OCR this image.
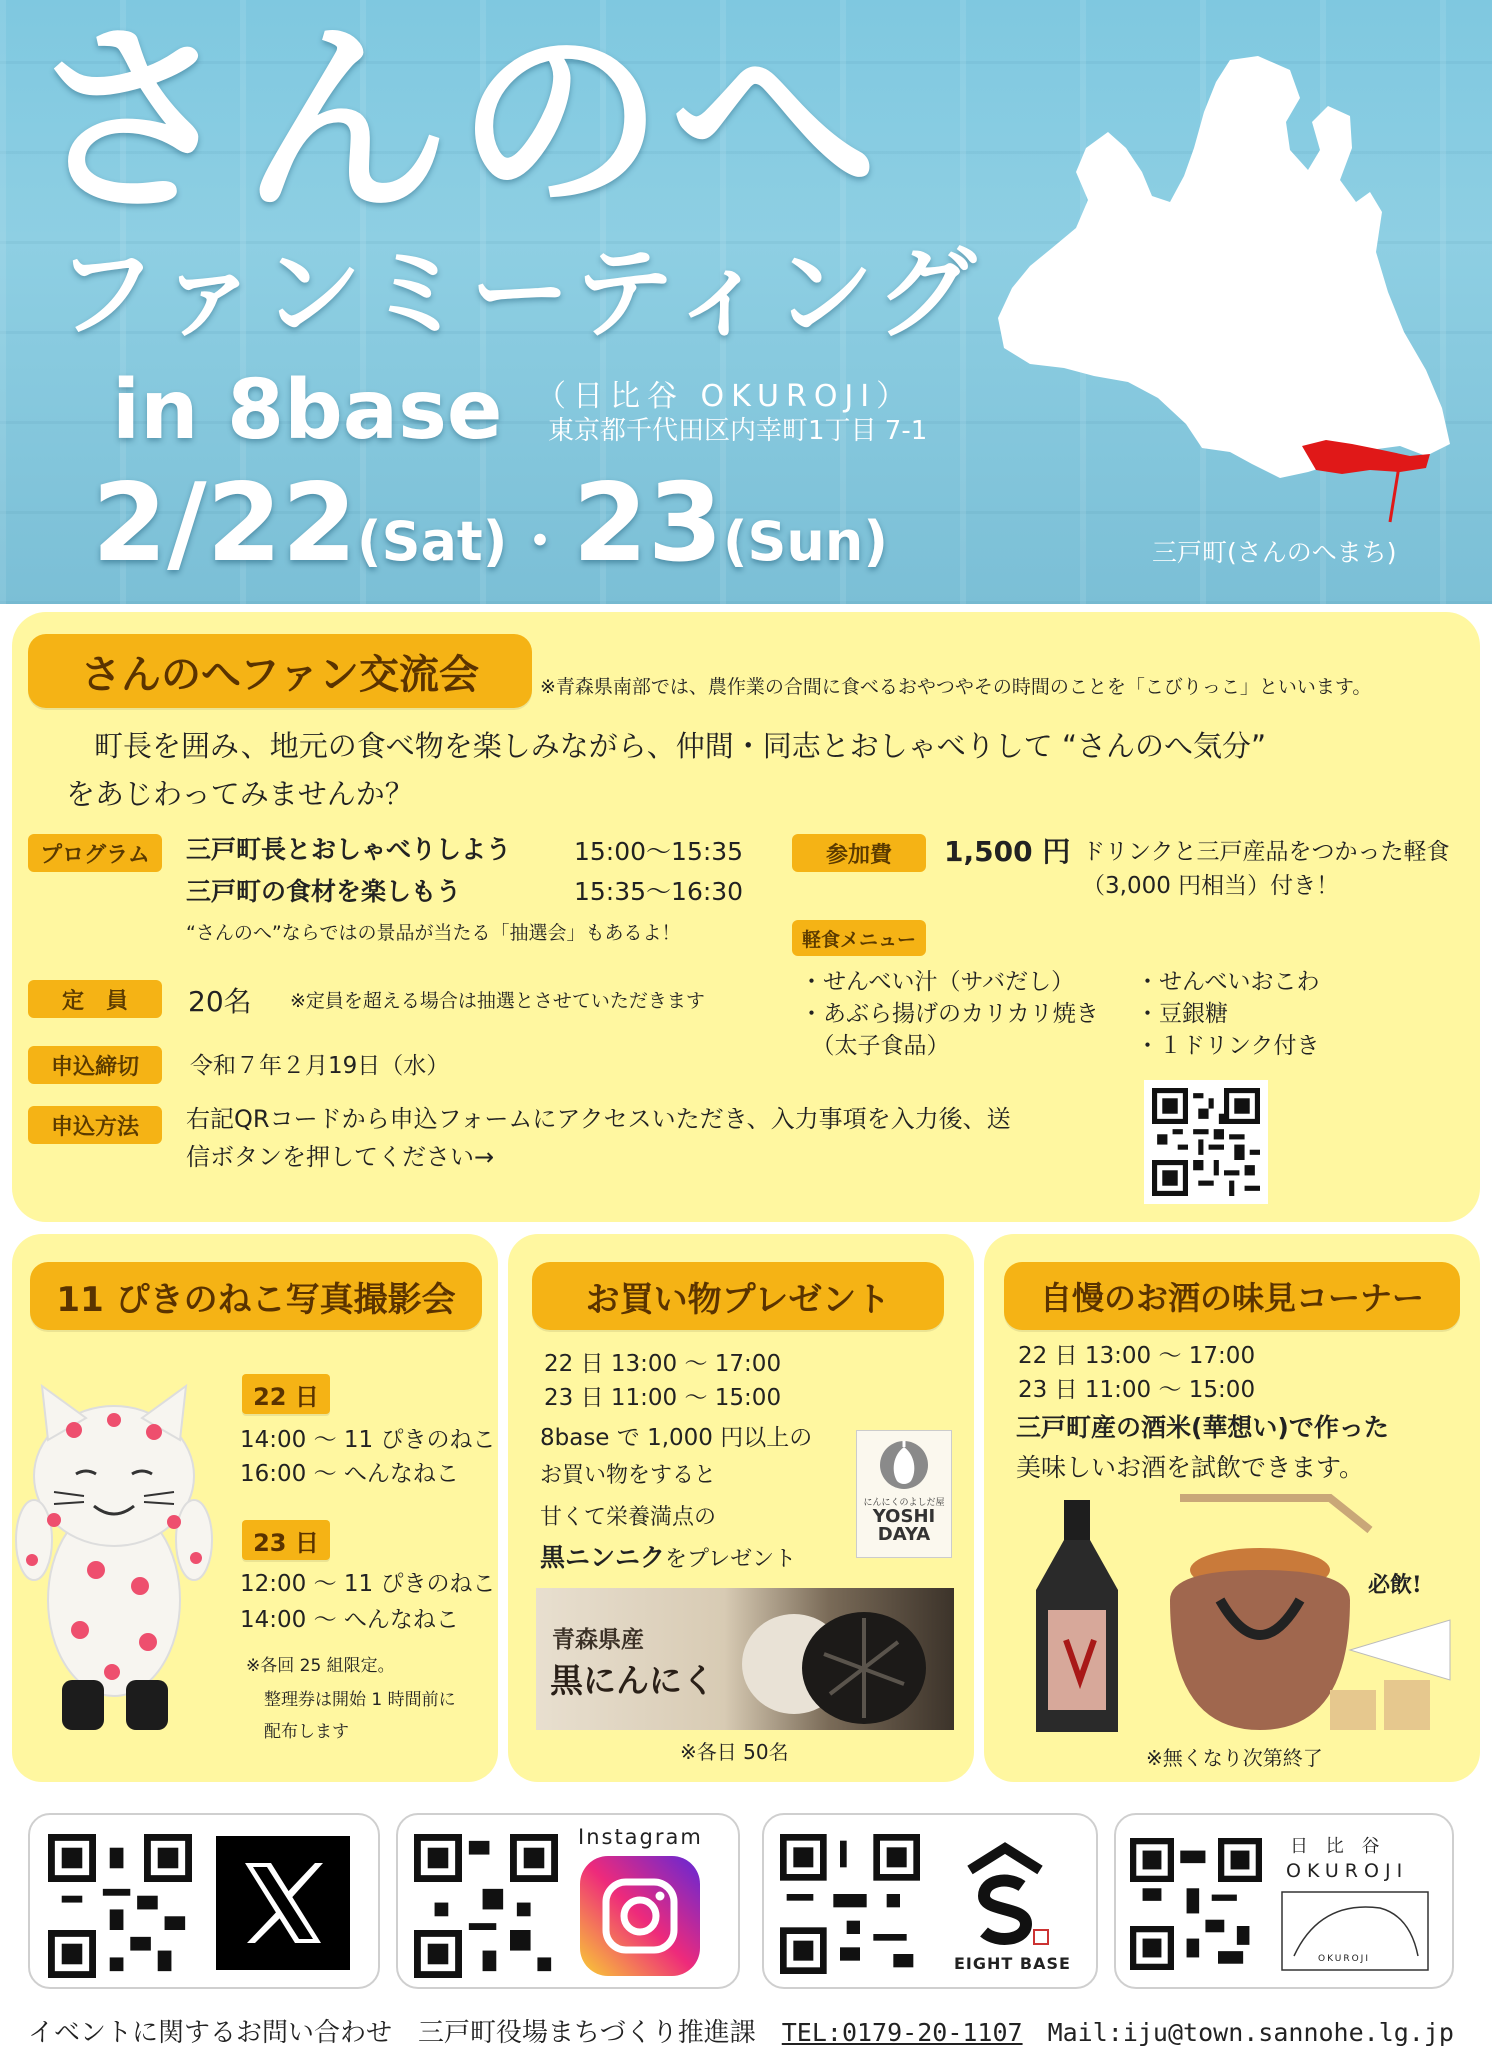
さんのへ
ファンミーティング
in 8base （日比谷 OKUROJI）
東京都千代田区内幸町1丁目 7-1
2/22(Sat) ・ 23(Sun)	三戸町(さんのへまち)
さんのへファン交流会	※青森県南部では、農作業の合間に食べるおやつやその時間のことを「こびりっこ」といいます。
町長を囲み、地元の食べ物を楽しみながら、仲間・同志とおしゃべりして “さんのへ気分”
をあじわってみませんか？
プログラム	三戸町長とおしゃべりしよう	15:00～15:35
三戸町の食材を楽しもう	15:35～16:30
“さんのへ”ならではの景品が当たる「抽選会」もあるよ！
定　員	20名 ※定員を超える場合は抽選とさせていただきます
申込締切	令和７年２月19日（水）
申込方法	右記QRコードから申込フォームにアクセスいただき、入力事項を入力後、送
信ボタンを押してください→
参加費	1,500 円 ドリンクと三戸産品をつかった軽食
（3,000 円相当）付き！
軽食メニュー
・せんべい汁（サバだし）
・あぶら揚げのカリカリ焼き
　（太子食品）
・せんべいおこわ
・豆銀糖
・１ドリンク付き
11 ぴきのねこ写真撮影会
22 日
14:00 ～ 11 ぴきのねこ
16:00 ～ へんなねこ
23 日
12:00 ～ 11 ぴきのねこ
14:00 ～ へんなねこ
※各回 25 組限定。
整理券は開始 1 時間前に
配布します
お買い物プレゼント
22 日 13:00 ～ 17:00
23 日 11:00 ～ 15:00
8base で 1,000 円以上の
お買い物をすると
甘くて栄養満点の
黒ニンニクをプレゼント
にんにくのよしだ屋
YOSHI
DAYA
青森県産
黒にんにく
※各日 50名
自慢のお酒の味見コーナー
22 日 13:00 ～ 17:00
23 日 11:00 ～ 15:00
三戸町産の酒米(華想い)で作った
美味しいお酒を試飲できます。
必飲!
※無くなり次第終了
Instagram
EIGHT BASE
日 比 谷
OKUROJI
OKUROJI
イベントに関するお問い合わせ　三戸町役場まちづくり推進課　TEL:0179-20-1107　Mail:iju@town.sannohe.lg.jp
